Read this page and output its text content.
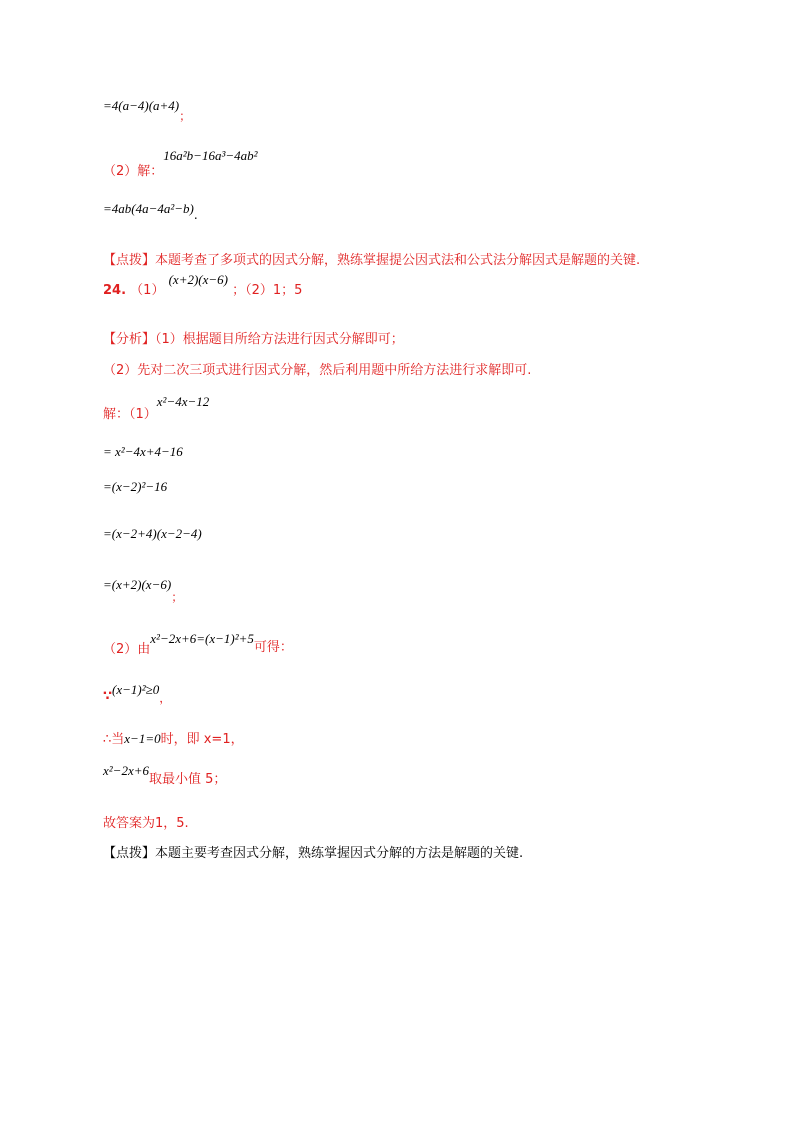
=4(a−4)(a+4)；
（2）解：16a²b−16a³−4ab²
=4ab(4a−4a²−b).
【点拨】本题考查了多项式的因式分解，熟练掌握提公因式法和公式法分解因式是解题的关键.
24. （1） (x+2)(x−6) ；（2）1；5
【分析】（1）根据题目所给方法进行因式分解即可；
（2）先对二次三项式进行因式分解，然后利用题中所给方法进行求解即可.
解：（1）x²−4x−12
= x²−4x+4−16
=(x−2)²−16
=(x−2+4)(x−2−4)
=(x+2)(x−6)；
（2）由x²−2x+6=(x−1)²+5可得：
∵(x−1)²≥0，
∴当x−1=0时，即 x=1，
x²−2x+6取最小值 5；
故答案为1，5.
【点拨】本题主要考查因式分解，熟练掌握因式分解的方法是解题的关键.
